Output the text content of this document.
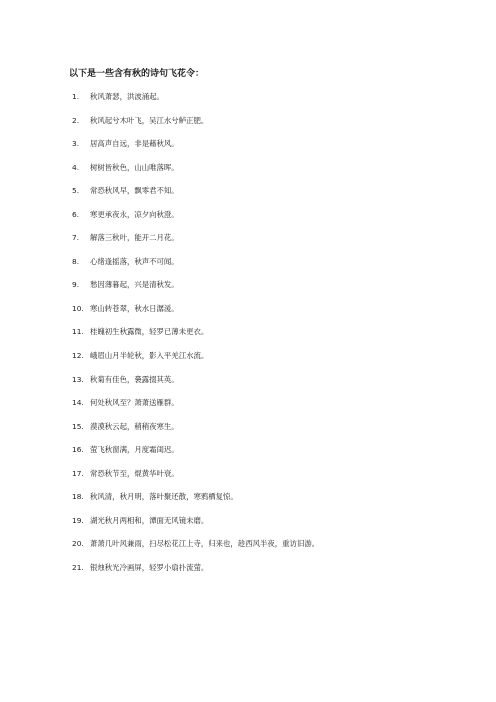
以下是一些含有秋的诗句飞花令：
1.	秋风萧瑟，洪波涌起。
2.	秋风起兮木叶飞，吴江水兮鲈正肥。
3.	居高声自远，非是藉秋风。
4.	树树皆秋色，山山唯落晖。
5.	常恐秋风早，飘零君不知。
6.	寒更承夜永，凉夕向秋澄。
7.	解落三秋叶，能开二月花。
8.	心绪逢摇落，秋声不可闻。
9.	愁因薄暮起，兴是清秋发。
10. 寒山转苍翠，秋水日潺湲。
11. 桂魄初生秋露微，轻罗已薄未更衣。
12. 峨眉山月半轮秋，影入平羌江水流。
13. 秋菊有佳色，裛露掇其英。
14. 何处秋风至？萧萧送雁群。
15. 漠漠秋云起，稍稍夜寒生。
16. 萤飞秋窗满，月度霜闺迟。
17. 常恐秋节至，焜黄华叶衰。
18. 秋风清，秋月明，落叶聚还散，寒鸦栖复惊。
19. 湖光秋月两相和，潭面无风镜未磨。
20. 萧萧几叶风兼雨，扫尽松花江上寺，归来也，趁西风半夜，重访旧游。
21. 银烛秋光冷画屏，轻罗小扇扑流萤。
